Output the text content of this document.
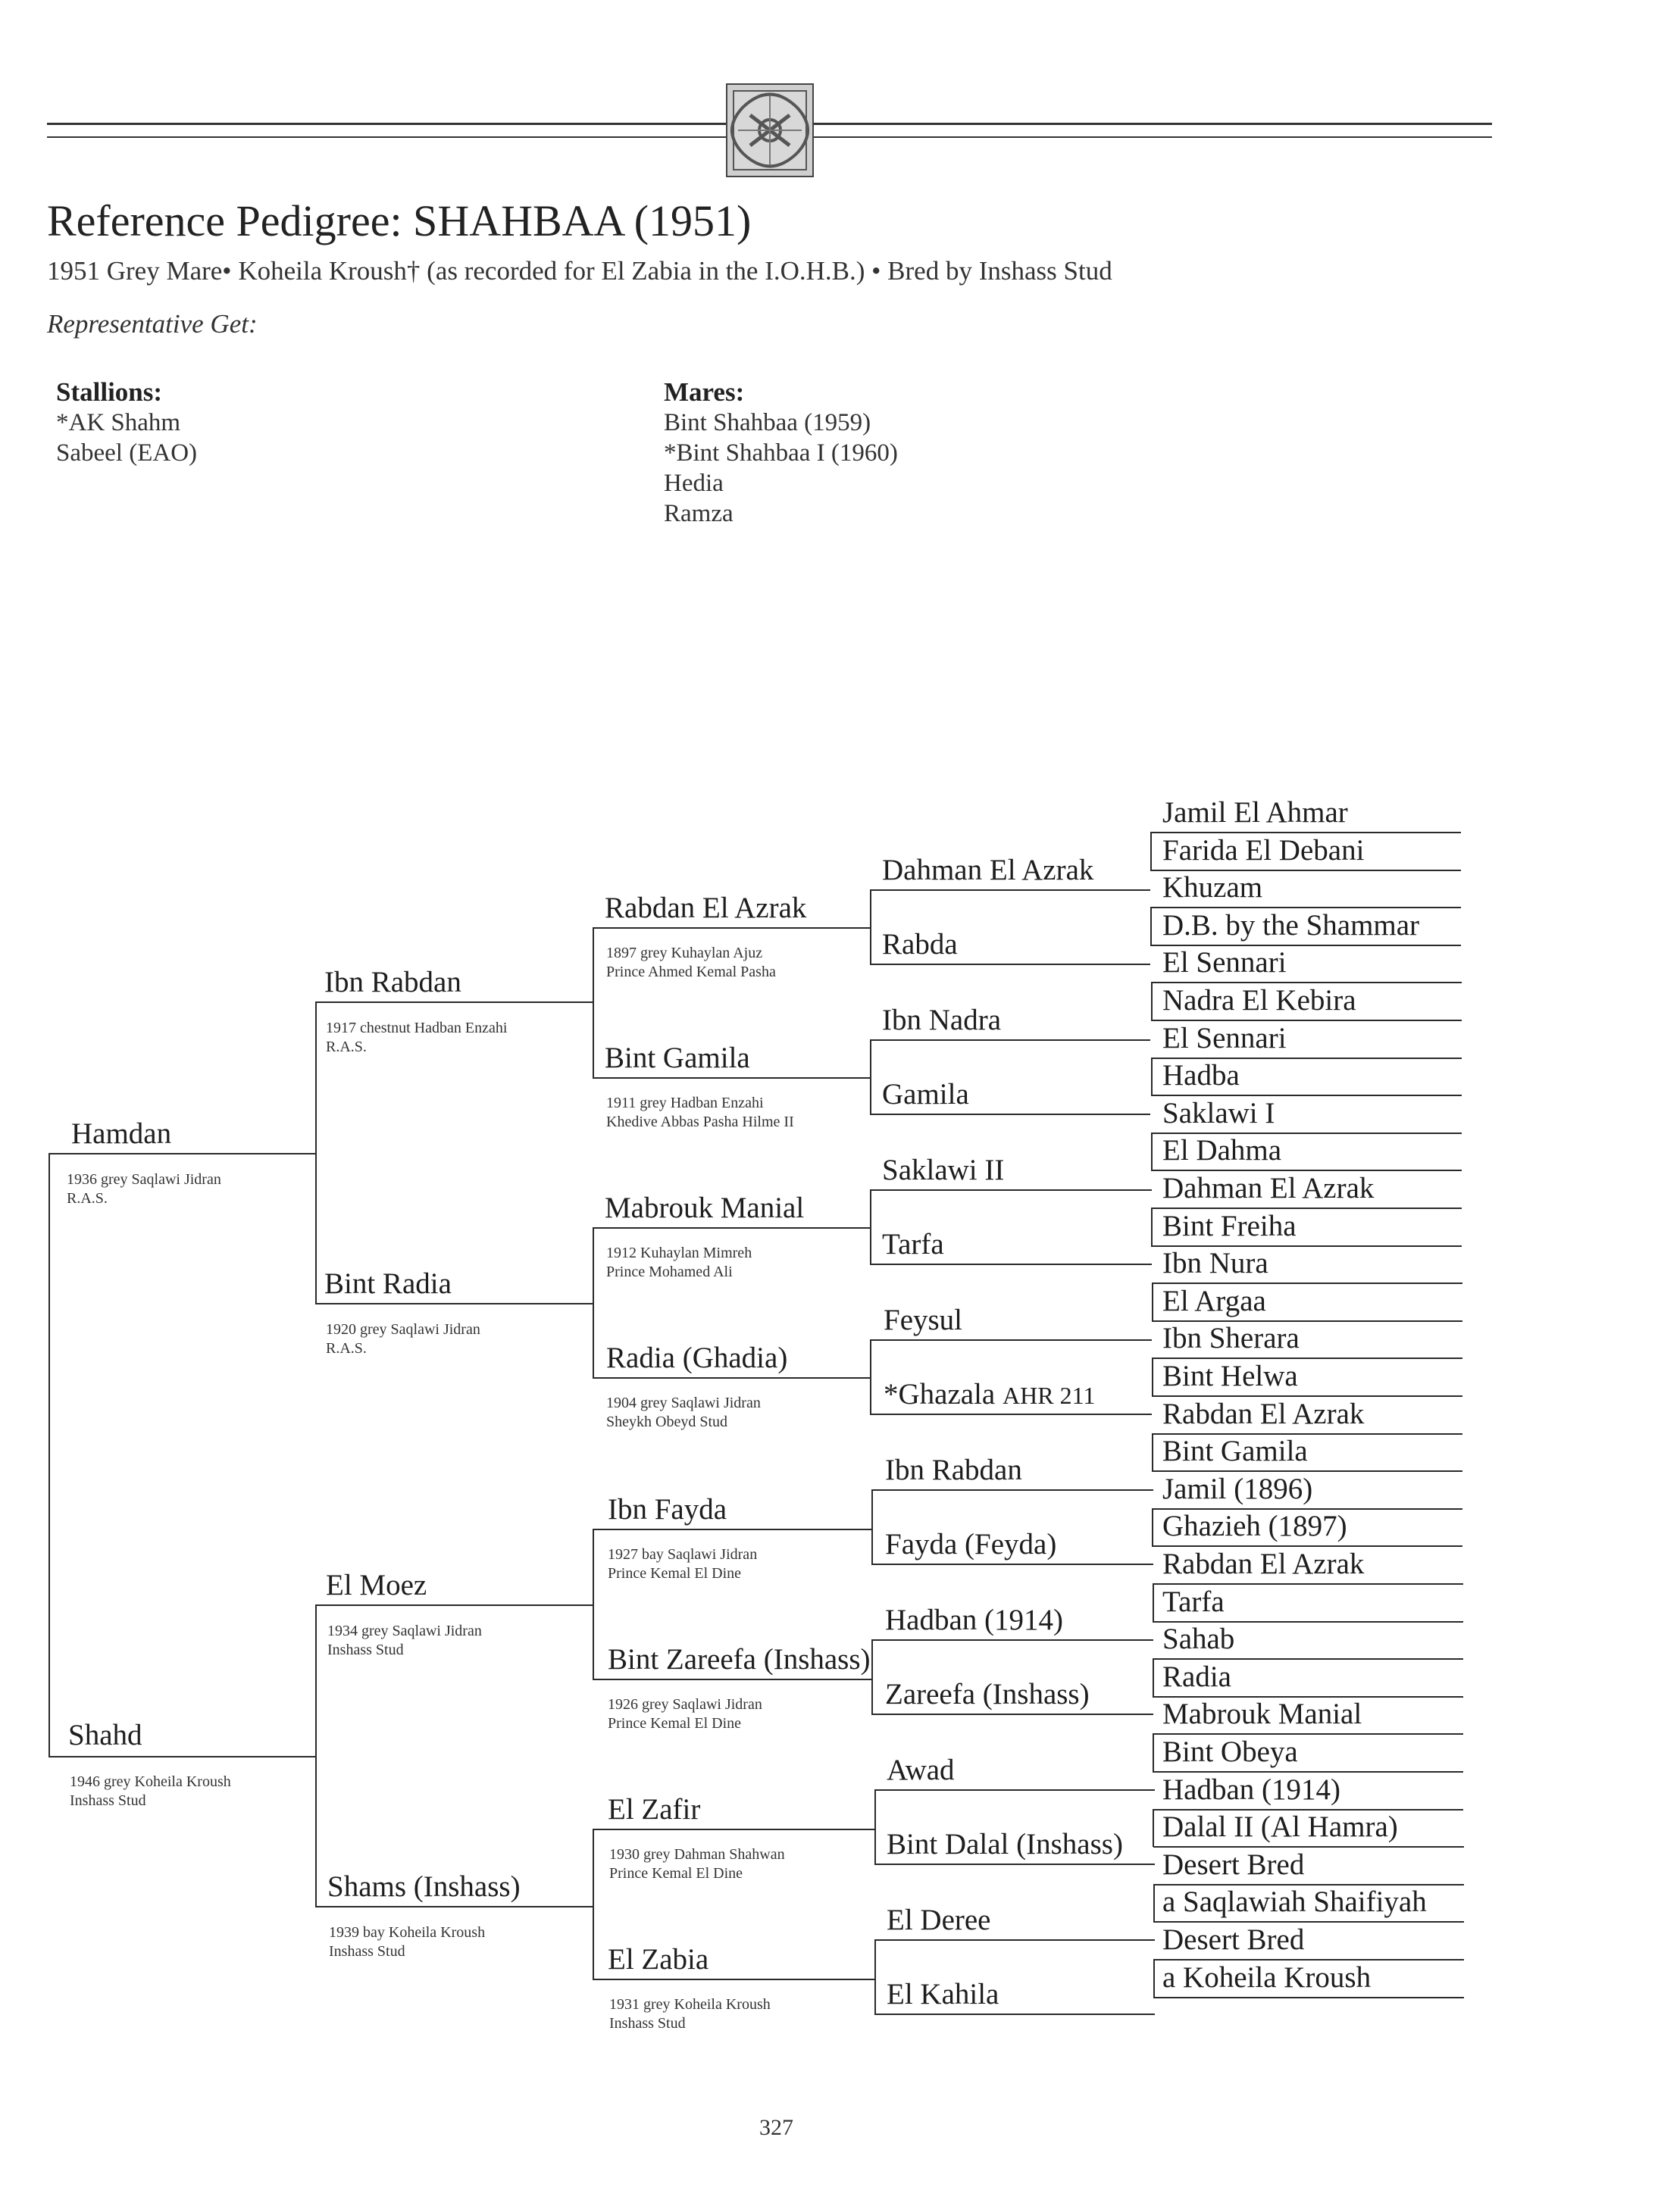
Reference Pedigree: SHAHBAA (1951)
1951 Grey Mare• Koheila Kroush† (as recorded for El Zabia in the I.O.H.B.) • Bred by Inshass Stud
Representative Get:
Stallions:
*AK Shahm
Sabeel (EAO)
Mares:
Bint Shahbaa (1959)
*Bint Shahbaa I (1960)
Hedia
Ramza
Hamdan
1936 grey Saqlawi Jidran
R.A.S.
Shahd
1946 grey Koheila Kroush
Inshass Stud
Ibn Rabdan
1917 chestnut Hadban Enzahi
R.A.S.
Bint Radia
1920 grey Saqlawi Jidran
R.A.S.
El Moez
1934 grey Saqlawi Jidran
Inshass Stud
Shams (Inshass)
1939 bay Koheila Kroush
Inshass Stud
Rabdan El Azrak
1897 grey Kuhaylan Ajuz
Prince Ahmed Kemal Pasha
Bint Gamila
1911 grey Hadban Enzahi
Khedive Abbas Pasha Hilme II
Mabrouk Manial
1912 Kuhaylan Mimreh
Prince Mohamed Ali
Radia (Ghadia)
1904 grey Saqlawi Jidran
Sheykh Obeyd Stud
Ibn Fayda
1927 bay Saqlawi Jidran
Prince Kemal El Dine
Bint Zareefa (Inshass)
1926 grey Saqlawi Jidran
Prince Kemal El Dine
El Zafir
1930 grey Dahman Shahwan
Prince Kemal El Dine
El Zabia
1931 grey Koheila Kroush
Inshass Stud
Dahman El Azrak
Rabda
Ibn Nadra
Gamila
Saklawi II
Tarfa
Feysul
*Ghazala AHR 211
Ibn Rabdan
Fayda (Feyda)
Hadban (1914)
Zareefa (Inshass)
Awad
Bint Dalal (Inshass)
El Deree
El Kahila
Jamil El Ahmar
Farida El Debani
Khuzam
D.B. by the Shammar
El Sennari
Nadra El Kebira
El Sennari
Hadba
Saklawi I
El Dahma
Dahman El Azrak
Bint Freiha
Ibn Nura
El Argaa
Ibn Sherara
Bint Helwa
Rabdan El Azrak
Bint Gamila
Jamil (1896)
Ghazieh (1897)
Rabdan El Azrak
Tarfa
Sahab
Radia
Mabrouk Manial
Bint Obeya
Hadban (1914)
Dalal II (Al Hamra)
Desert Bred
a Saqlawiah Shaifiyah
Desert Bred
a Koheila Kroush
327
